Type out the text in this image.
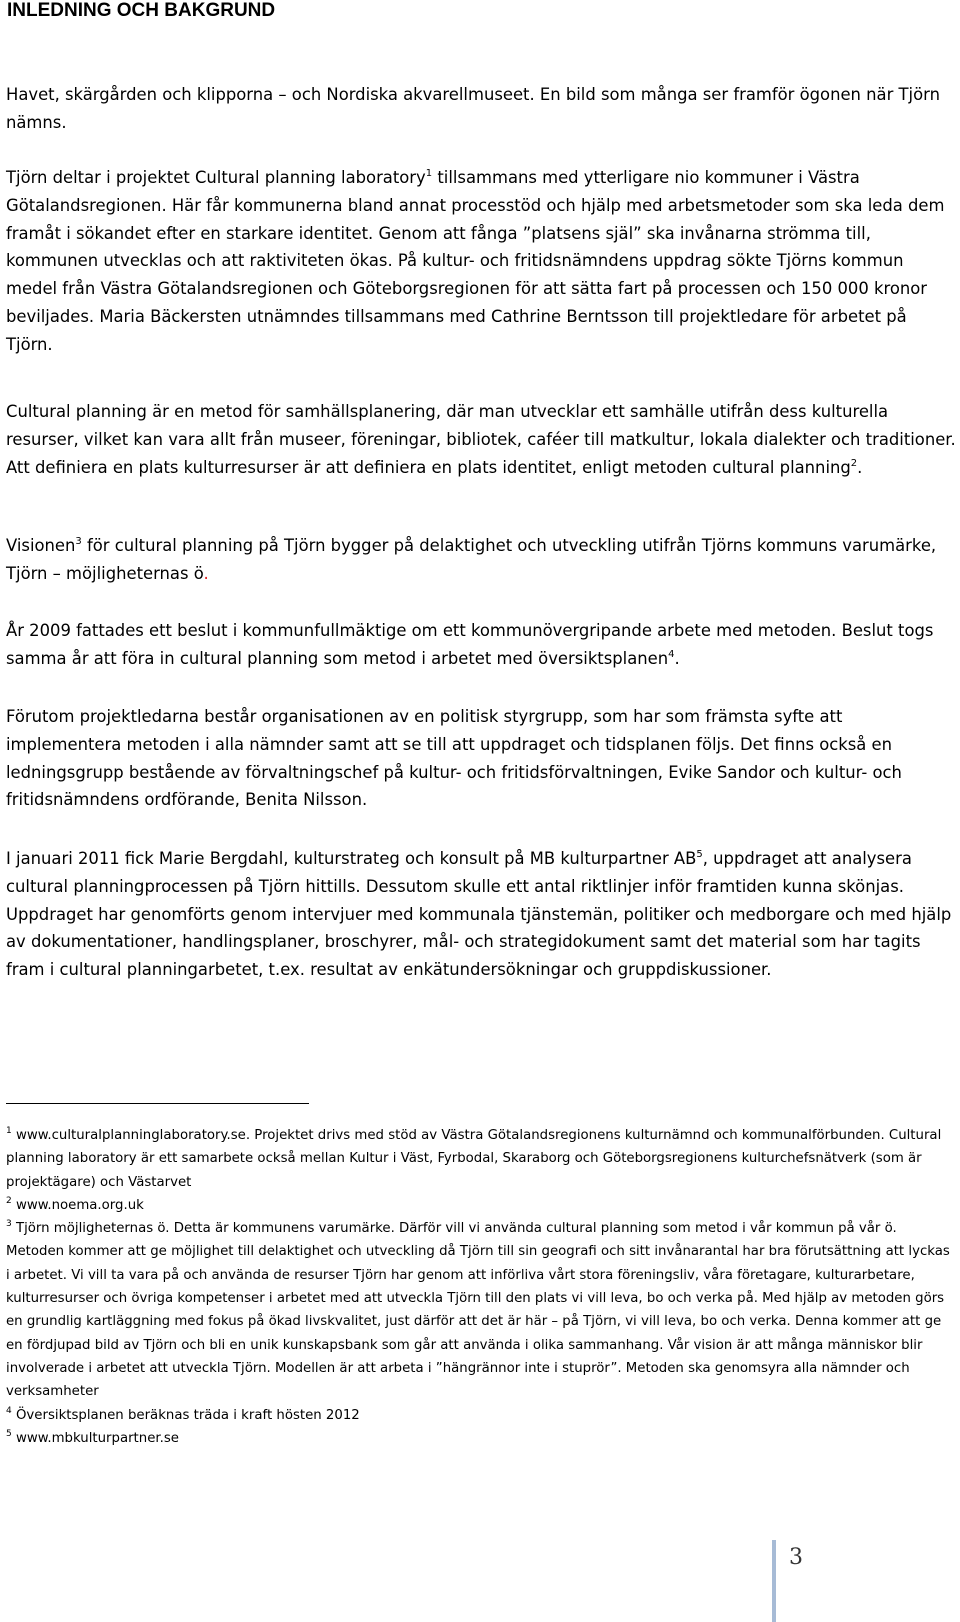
INLEDNING OCH BAKGRUND

Havet, skärgården och klipporna – och Nordiska akvarellmuseet. En bild som många ser framför ögonen när Tjörn nämns.

Tjörn deltar i projektet Cultural planning laboratory$^1$ tillsammans med ytterligare nio kommuner i Västra Götalandsregionen. Här får kommunerna bland annat processtöd och hjälp med arbetsmetoder som ska leda dem framåt i sökandet efter en starkare identitet. Genom att fånga ”platsens själ” ska invånarna strömma till, kommunen utvecklas och att raktiviteten ökas. På kultur- och fritidsnämndens uppdrag sökte Tjörns kommun medel från Västra Götalandsregionen och Göteborgsregionen för att sätta fart på processen och 150 000 kronor beviljades. Maria Bäckersten utnämndes tillsammans med Cathrine Berntsson till projektledare för arbetet på Tjörn.

Cultural planning är en metod för samhällsplanering, där man utvecklar ett samhälle utifrån dess kulturella resurser, vilket kan vara allt från museer, föreningar, bibliotek, caféer till matkultur, lokala dialekter och traditioner. Att definiera en plats kulturresurser är att definiera en plats identitet, enligt metoden cultural planning$^2$.

Visionen$^3$ för cultural planning på Tjörn bygger på delaktighet och utveckling utifrån Tjörns kommuns varumärke, Tjörn – möjligheternas ö.

År 2009 fattades ett beslut i kommunfullmäktige om ett kommunövergripande arbete med metoden. Beslut togs samma år att föra in cultural planning som metod i arbetet med översiktsplanen$^4$.

Förutom projektledarna består organisationen av en politisk styrgrupp, som har som främsta syfte att implementera metoden i alla nämnder samt att se till att uppdraget och tidsplanen följs. Det finns också en ledningsgrupp bestående av förvaltningschef på kultur- och fritidsförvaltningen, Evike Sandor och kultur- och fritidsnämndens ordförande, Benita Nilsson.

I januari 2011 fick Marie Bergdahl, kulturstrateg och konsult på MB kulturpartner $AB^5$, uppdraget att analysera cultural planningprocessen på Tjörn hittills. Dessutom skulle ett antal riktlinjer inför framtiden kunna skönjas. Uppdraget har genomförts genom intervjuer med kommunala tjänstemän, politiker och medborgare och med hjälp av dokumentationer, handlingsplaner, broschyrer, mål- och strategidokument samt det material som har tagits fram i cultural planningarbetet, t.ex. resultat av enkätundersökningar och gruppdiskussioner.

$^1$ www.culturalplanninglaboratory.se. Projektet drivs med stöd av Västra Götalandsregionens kulturnämnd och kommunalförbunden. Cultural planning laboratory är ett samarbete också mellan Kultur i Väst, Fyrbodal, Skaraborg och Göteborgsregionens kulturchefsnätverk (som är projektägare) och Västarvet

$^2$ www.noema.org.uk

$^3$ Tjörn möjligheternas ö. Detta är kommunens varumärke. Därför vill vi använda cultural planning som metod i vår kommun på vår ö. Metoden kommer att ge möjlighet till delaktighet och utveckling då Tjörn till sin geografi och sitt invånarantal har bra förutsättning att lyckas i arbetet. Vi vill ta vara på och använda de resurser Tjörn har genom att införliva vårt stora föreningsliv, våra företagare, kulturarbetare, kulturresurser och övriga kompetenser i arbetet med att utveckla Tjörn till den plats vi vill leva, bo och verka på. Med hjälp av metoden görs en grundlig kartläggning med fokus på ökad livskvalitet, just därför att det är här – på Tjörn, vi vill leva, bo och verka. Denna kommer att ge en fördjupad bild av Tjörn och bli en unik kunskapsbank som går att använda i olika sammanhang. Vår vision är att många människor blir involverade i arbetet att utveckla Tjörn. Modellen är att arbeta i ”hängrännor inte i stuprör”. Metoden ska genomsyra alla nämnder och verksamheter

$^4$ Översiktsplanen beräknas träda i kraft hösten 2012

$^5$ www.mbkulturpartner.se

3
